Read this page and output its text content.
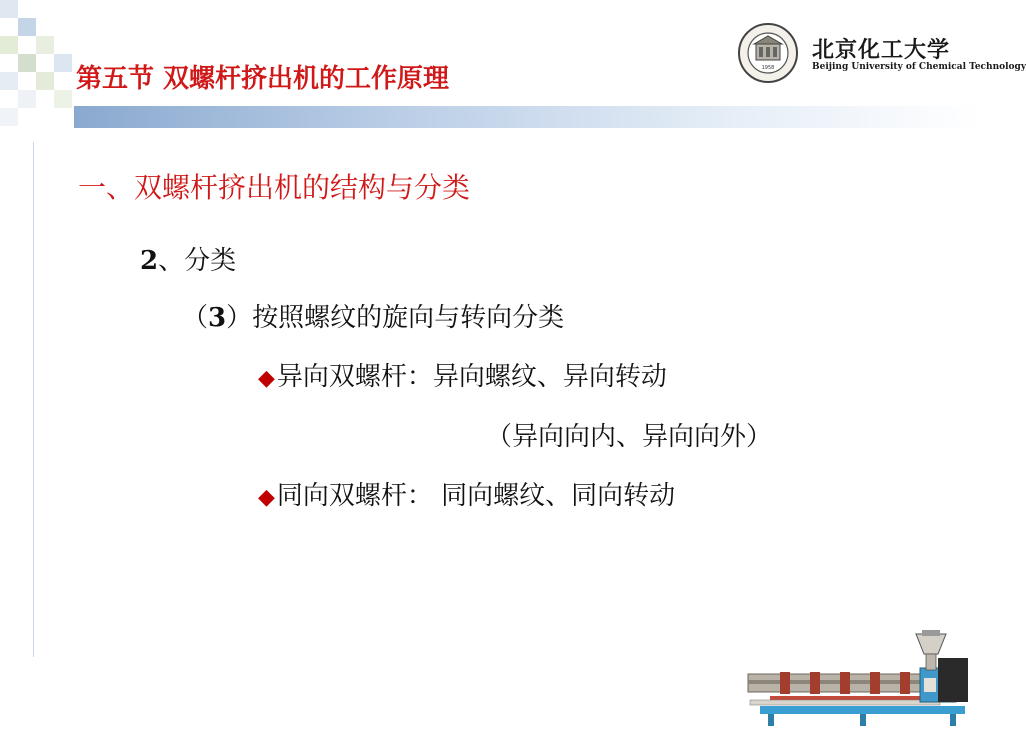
第五节 双螺杆挤出机的工作原理	1958
北京化工大学
Beijing University of Chemical Technology
一、双螺杆挤出机的结构与分类
2、分类
（3）按照螺纹的旋向与转向分类
◆异向双螺杆：异向螺纹、异向转动
（异向向内、异向向外）
◆同向双螺杆： 同向螺纹、同向转动
